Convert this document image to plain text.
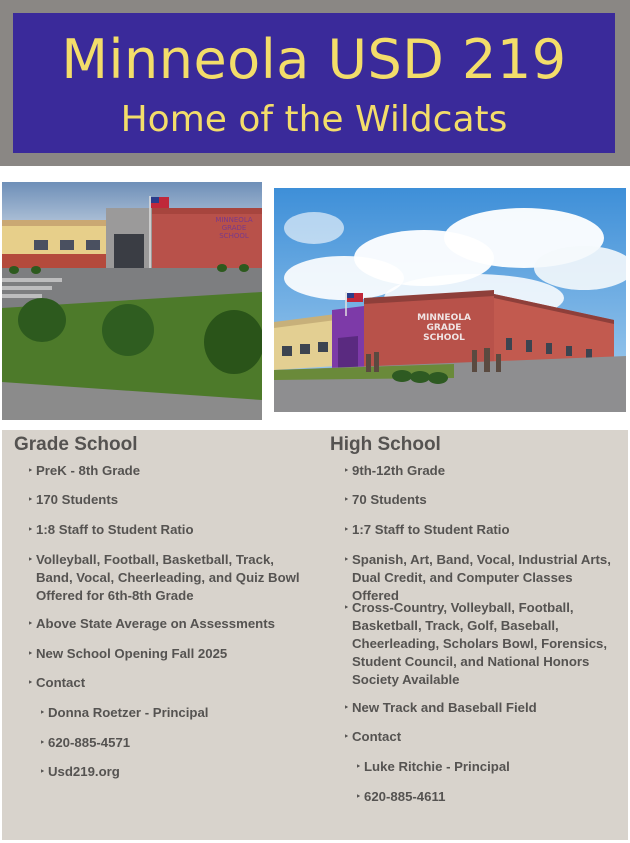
Minneola USD 219
Home of the Wildcats
MINNEOLA
GRADE
SCHOOL
MINNEOLA
GRADE
SCHOOL
Grade School
‣ PreK - 8th Grade
‣ 170 Students
‣ 1:8 Staff to Student Ratio
‣ Volleyball, Football, Basketball, Track, Band, Vocal, Cheerleading, and Quiz Bowl Offered for 6th-8th Grade
‣ Above State Average on Assessments
‣ New School Opening Fall 2025
‣ Contact
‣ Donna Roetzer - Principal
‣ 620-885-4571
‣ Usd219.org
High School
‣ 9th-12th Grade
‣ 70 Students
‣ 1:7 Staff to Student Ratio
‣ Spanish, Art, Band, Vocal, Industrial Arts, Dual Credit, and Computer Classes Offered
‣ Cross-Country, Volleyball, Football, Basketball, Track, Golf, Baseball, Cheerleading, Scholars Bowl, Forensics, Student Council, and National Honors Society Available
‣ New Track and Baseball Field
‣ Contact
‣ Luke Ritchie - Principal
‣ 620-885-4611
